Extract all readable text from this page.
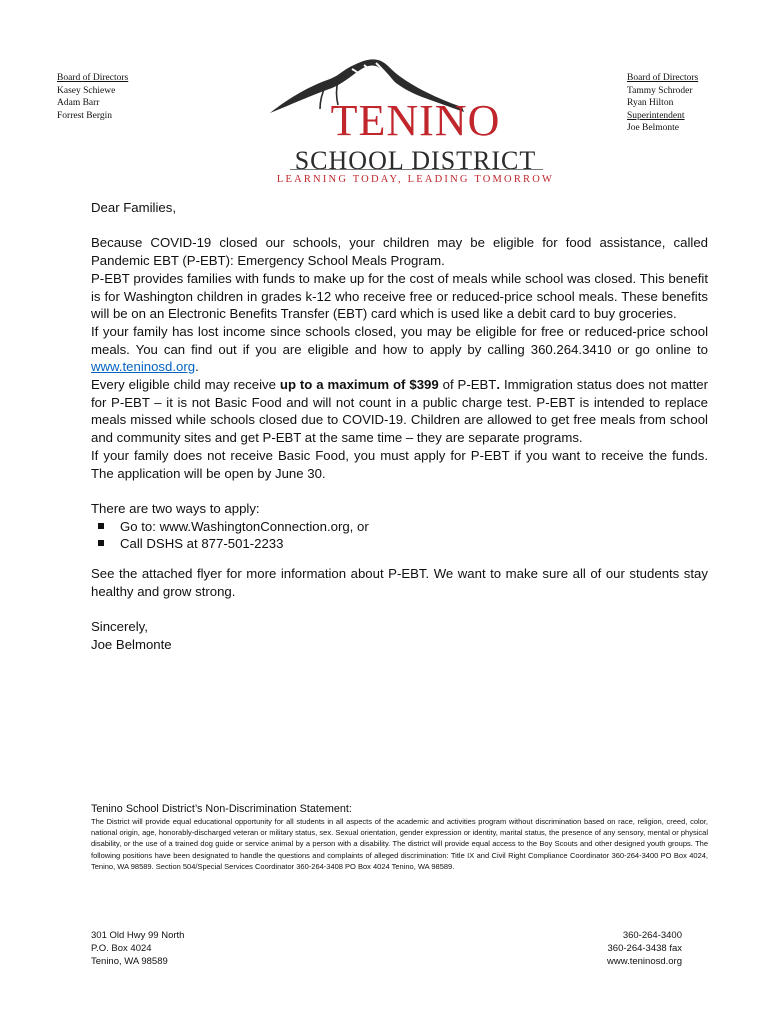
Board of Directors
Kasey Schiewe
Adam Barr
Forrest Bergin	TENINO
SCHOOL DISTRICT
LEARNING TODAY, LEADING TOMORROW
Board of Directors
Tammy Schroder
Ryan Hilton
Superintendent
Joe Belmonte

Dear Families,

Because COVID-19 closed our schools, your children may be eligible for food assistance, called Pandemic EBT (P-EBT): Emergency School Meals Program.

P-EBT provides families with funds to make up for the cost of meals while school was closed. This benefit is for Washington children in grades k-12 who receive free or reduced-price school meals. These benefits will be on an Electronic Benefits Transfer (EBT) card which is used like a debit card to buy groceries.

If your family has lost income since schools closed, you may be eligible for free or reduced-price school meals. You can find out if you are eligible and how to apply by calling 360.264.3410 or go online to www.teninosd.org.

Every eligible child may receive up to a maximum of $399 of P-EBT. Immigration status does not matter for P-EBT – it is not Basic Food and will not count in a public charge test. P-EBT is intended to replace meals missed while schools closed due to COVID-19. Children are allowed to get free meals from school and community sites and get P-EBT at the same time – they are separate programs.

If your family does not receive Basic Food, you must apply for P-EBT if you want to receive the funds. The application will be open by June 30.

There are two ways to apply:

Go to: www.WashingtonConnection.org, or
Call DSHS at 877-501-2233

See the attached flyer for more information about P-EBT. We want to make sure all of our students stay healthy and grow strong.

Sincerely,

Joe Belmonte

Tenino School District’s Non-Discrimination Statement:
The District will provide equal educational opportunity for all students in all aspects of the academic and activities program without discrimination based on race, religion, creed, color, national origin, age, honorably-discharged veteran or military status, sex. Sexual orientation, gender expression or identity, marital status, the presence of any sensory, mental or physical disability, or the use of a trained dog guide or service animal by a person with a disability. The district will provide equal access to the Boy Scouts and other designed youth groups. The following positions have been designated to handle the questions and complaints of alleged discrimination: Title IX and Civil Right Compliance Coordinator 360-264-3400 PO Box 4024, Tenino, WA 98589. Section 504/Special Services Coordinator 360-264-3408 PO Box 4024 Tenino, WA 98589.
301 Old Hwy 99 North
P.O. Box 4024
Tenino, WA 98589
360-264-3400
360-264-3438 fax
www.teninosd.org
